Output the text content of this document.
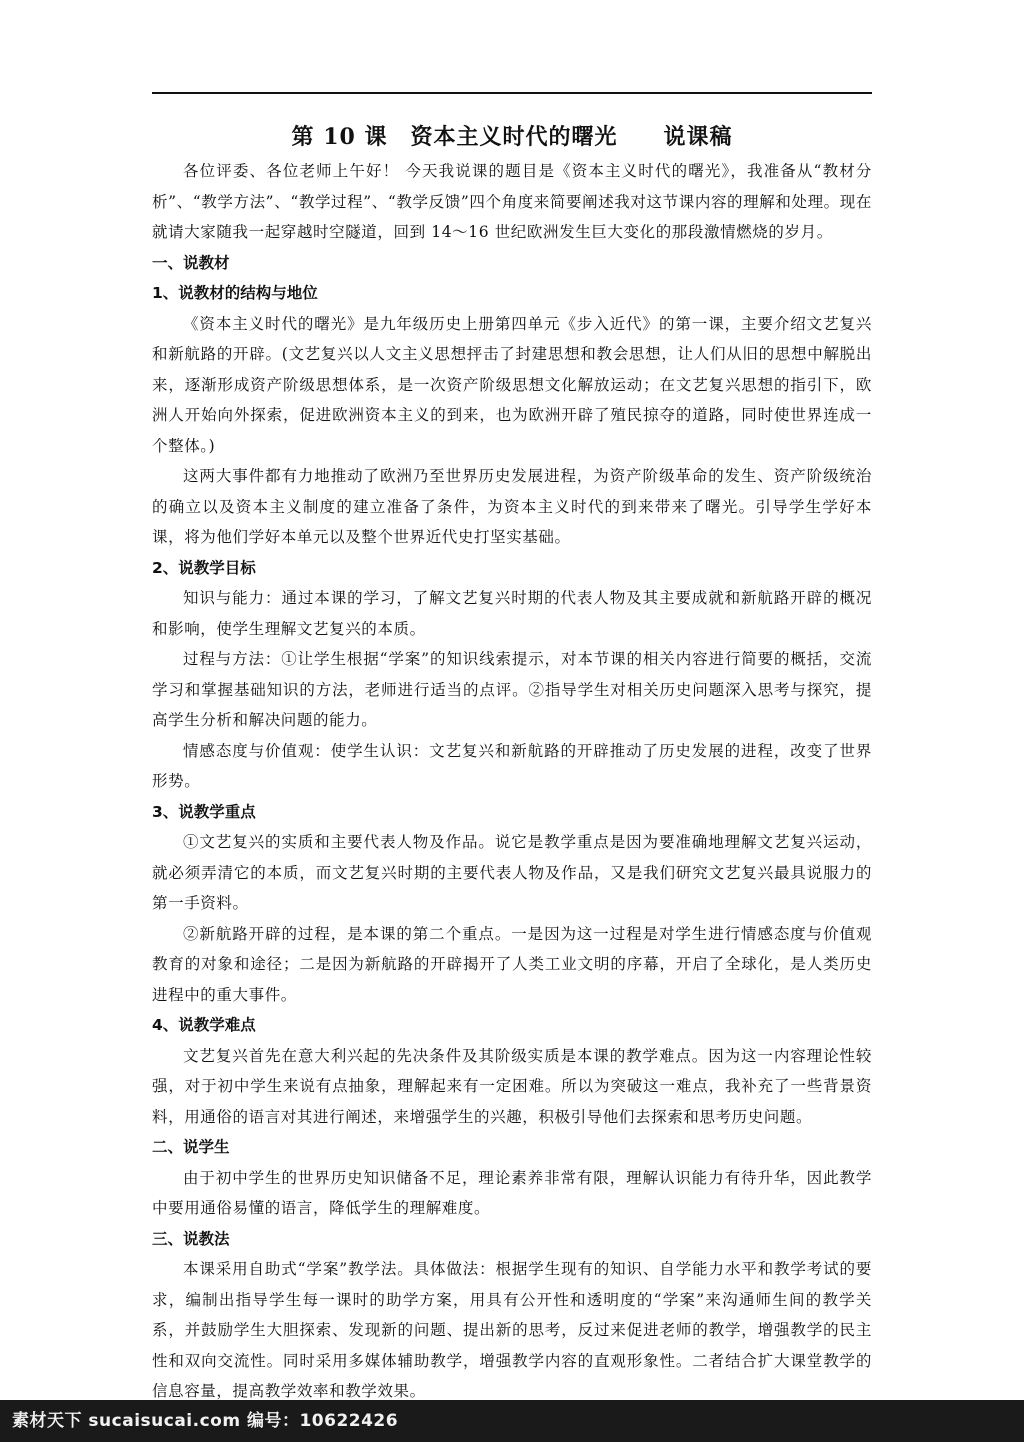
第 10 课　资本主义时代的曙光　　说课稿

各位评委、各位老师上午好！ 今天我说课的题目是《资本主义时代的曙光》，我准备从“教材分析”、“教学方法”、“教学过程”、“教学反馈”四个角度来简要阐述我对这节课内容的理解和处理。现在就请大家随我一起穿越时空隧道，回到 14～16 世纪欧洲发生巨大变化的那段激情燃烧的岁月。

一、说教材
1、说教材的结构与地位

《资本主义时代的曙光》是九年级历史上册第四单元《步入近代》的第一课，主要介绍文艺复兴和新航路的开辟。(文艺复兴以人文主义思想抨击了封建思想和教会思想，让人们从旧的思想中解脱出来，逐渐形成资产阶级思想体系，是一次资产阶级思想文化解放运动；在文艺复兴思想的指引下，欧洲人开始向外探索，促进欧洲资本主义的到来，也为欧洲开辟了殖民掠夺的道路，同时使世界连成一个整体。)

这两大事件都有力地推动了欧洲乃至世界历史发展进程，为资产阶级革命的发生、资产阶级统治的确立以及资本主义制度的建立准备了条件，为资本主义时代的到来带来了曙光。引导学生学好本课，将为他们学好本单元以及整个世界近代史打坚实基础。

2、说教学目标

知识与能力：通过本课的学习，了解文艺复兴时期的代表人物及其主要成就和新航路开辟的概况和影响，使学生理解文艺复兴的本质。

过程与方法：①让学生根据“学案”的知识线索提示，对本节课的相关内容进行简要的概括，交流学习和掌握基础知识的方法，老师进行适当的点评。②指导学生对相关历史问题深入思考与探究，提高学生分析和解决问题的能力。

情感态度与价值观：使学生认识：文艺复兴和新航路的开辟推动了历史发展的进程，改变了世界形势。

3、说教学重点

①文艺复兴的实质和主要代表人物及作品。说它是教学重点是因为要准确地理解文艺复兴运动，就必须弄清它的本质，而文艺复兴时期的主要代表人物及作品，又是我们研究文艺复兴最具说服力的第一手资料。

②新航路开辟的过程，是本课的第二个重点。一是因为这一过程是对学生进行情感态度与价值观教育的对象和途径；二是因为新航路的开辟揭开了人类工业文明的序幕，开启了全球化，是人类历史进程中的重大事件。

4、说教学难点

文艺复兴首先在意大利兴起的先决条件及其阶级实质是本课的教学难点。因为这一内容理论性较强，对于初中学生来说有点抽象，理解起来有一定困难。所以为突破这一难点，我补充了一些背景资料，用通俗的语言对其进行阐述，来增强学生的兴趣，积极引导他们去探索和思考历史问题。

二、说学生

由于初中学生的世界历史知识储备不足，理论素养非常有限，理解认识能力有待升华，因此教学中要用通俗易懂的语言，降低学生的理解难度。

三、说教法

本课采用自助式“学案”教学法。具体做法：根据学生现有的知识、自学能力水平和教学考试的要求，编制出指导学生每一课时的助学方案，用具有公开性和透明度的“学案”来沟通师生间的教学关系，并鼓励学生大胆探索、发现新的问题、提出新的思考，反过来促进老师的教学，增强教学的民主性和双向交流性。同时采用多媒体辅助教学，增强教学内容的直观形象性。二者结合扩大课堂教学的信息容量，提高教学效率和教学效果。

素材天下 sucaisucai.com 编号：10622426
